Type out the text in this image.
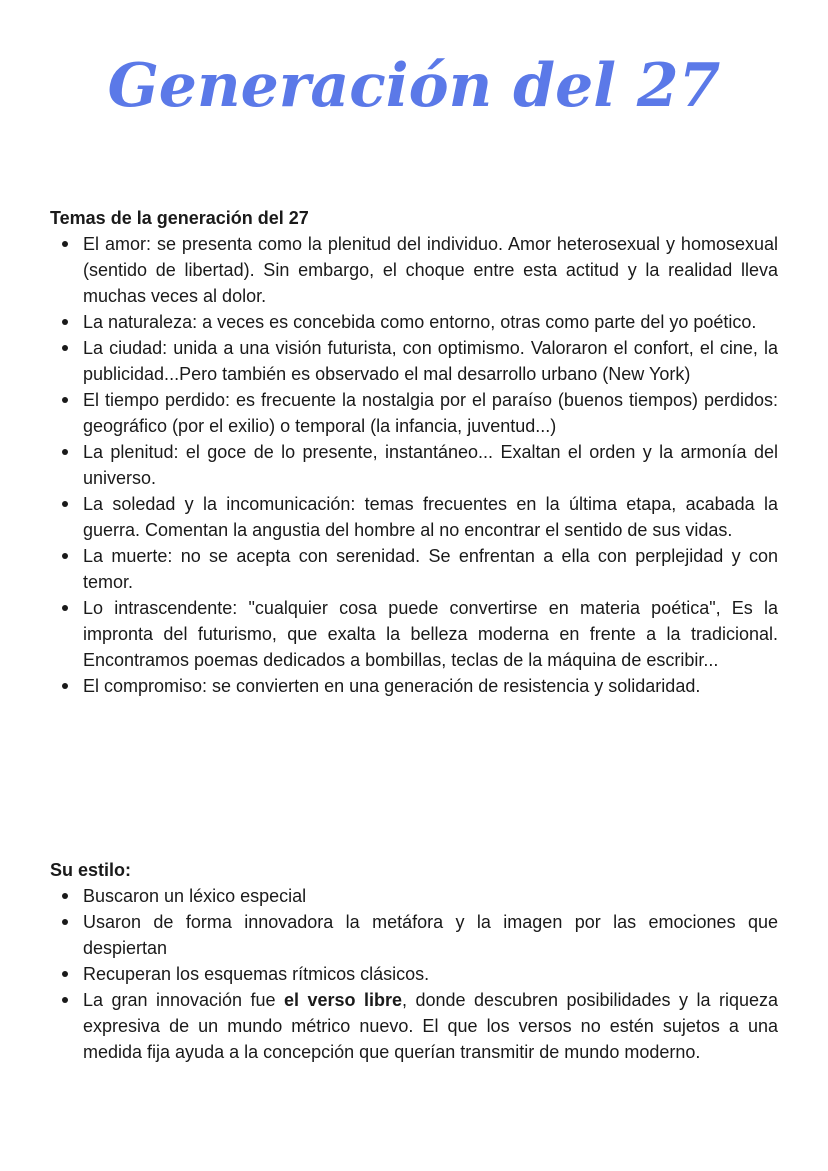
Generación del 27

Temas de la generación del 27

El amor: se presenta como la plenitud del individuo. Amor heterosexual y homosexual (sentido de libertad). Sin embargo, el choque entre esta actitud y la realidad lleva muchas veces al dolor.
La naturaleza: a veces es concebida como entorno, otras como parte del yo poético.
La ciudad: unida a una visión futurista, con optimismo. Valoraron el confort, el cine, la publicidad...Pero también es observado el mal desarrollo urbano (New York)
El tiempo perdido: es frecuente la nostalgia por el paraíso (buenos tiempos) perdidos: geográfico (por el exilio) o temporal (la infancia, juventud...)
La plenitud: el goce de lo presente, instantáneo... Exaltan el orden y la armonía del universo.
La soledad y la incomunicación: temas frecuentes en la última etapa, acabada la guerra. Comentan la angustia del hombre al no encontrar el sentido de sus vidas.
La muerte: no se acepta con serenidad. Se enfrentan a ella con perplejidad y con temor.
Lo intrascendente: "cualquier cosa puede convertirse en materia poética", Es la impronta del futurismo, que exalta la belleza moderna en frente a la tradicional. Encontramos poemas dedicados a bombillas, teclas de la máquina de escribir...
El compromiso: se convierten en una generación de resistencia y solidaridad.

Su estilo:

Buscaron un léxico especial
Usaron de forma innovadora la metáfora y la imagen por las emociones que despiertan
Recuperan los esquemas rítmicos clásicos.
La gran innovación fue el verso libre, donde descubren posibilidades y la riqueza expresiva de un mundo métrico nuevo. El que los versos no estén sujetos a una medida fija ayuda a la concepción que querían transmitir de mundo moderno.
